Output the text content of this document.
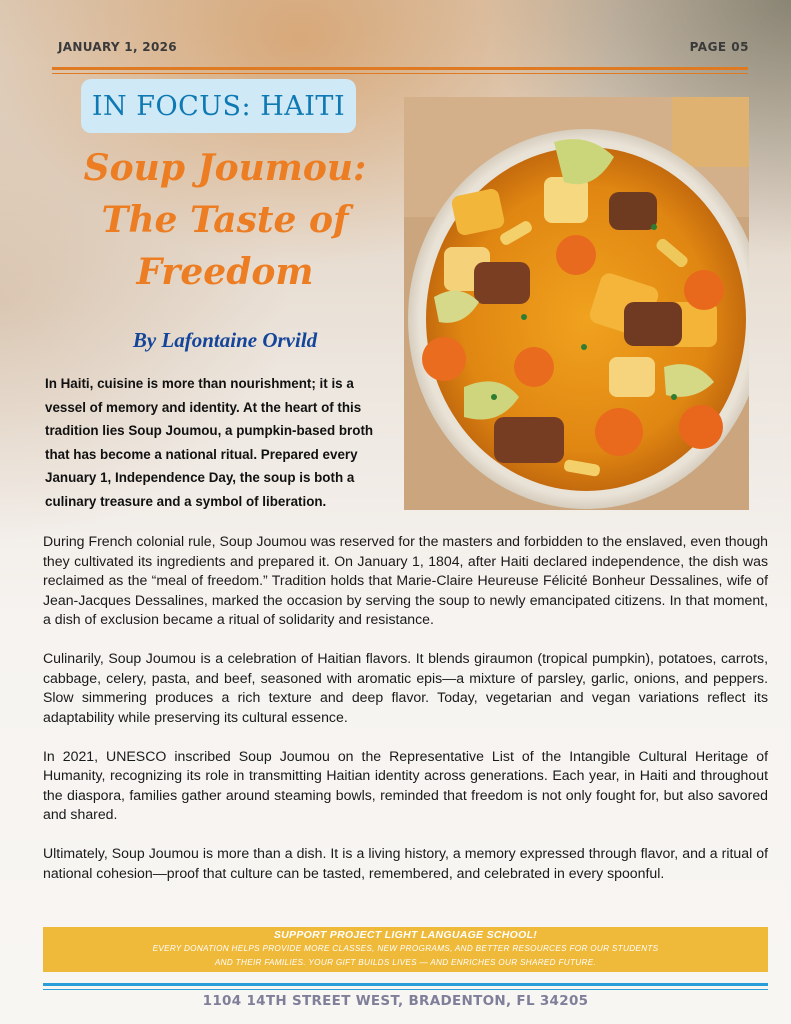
JANUARY 1, 2026	PAGE 05
IN FOCUS: HAITI
Soup Joumou:
The Taste of
Freedom
By Lafontaine Orvild
In Haiti, cuisine is more than nourishment; it is a vessel of memory and identity. At the heart of this tradition lies Soup Joumou, a pumpkin-based broth that has become a national ritual. Prepared every January 1, Independence Day, the soup is both a culinary treasure and a symbol of liberation.

During French colonial rule, Soup Joumou was reserved for the masters and forbidden to the enslaved, even though they cultivated its ingredients and prepared it. On January 1, 1804, after Haiti declared independence, the dish was reclaimed as the “meal of freedom.” Tradition holds that Marie-Claire Heureuse Félicité Bonheur Dessalines, wife of Jean-Jacques Dessalines, marked the occasion by serving the soup to newly emancipated citizens. In that moment, a dish of exclusion became a ritual of solidarity and resistance.

Culinarily, Soup Joumou is a celebration of Haitian flavors. It blends giraumon (tropical pumpkin), potatoes, carrots, cabbage, celery, pasta, and beef, seasoned with aromatic epis—a mixture of parsley, garlic, onions, and peppers. Slow simmering produces a rich texture and deep flavor. Today, vegetarian and vegan variations reflect its adaptability while preserving its cultural essence.

In 2021, UNESCO inscribed Soup Joumou on the Representative List of the Intangible Cultural Heritage of Humanity, recognizing its role in transmitting Haitian identity across generations. Each year, in Haiti and throughout the diaspora, families gather around steaming bowls, reminded that freedom is not only fought for, but also savored and shared.

Ultimately, Soup Joumou is more than a dish. It is a living history, a memory expressed through flavor, and a ritual of national cohesion—proof that culture can be tasted, remembered, and celebrated in every spoonful.

SUPPORT PROJECT LIGHT LANGUAGE SCHOOL!
EVERY DONATION HELPS PROVIDE MORE CLASSES, NEW PROGRAMS, AND BETTER RESOURCES FOR OUR STUDENTS
AND THEIR FAMILIES. YOUR GIFT BUILDS LIVES — AND ENRICHES OUR SHARED FUTURE.
1104 14TH STREET WEST, BRADENTON, FL 34205
